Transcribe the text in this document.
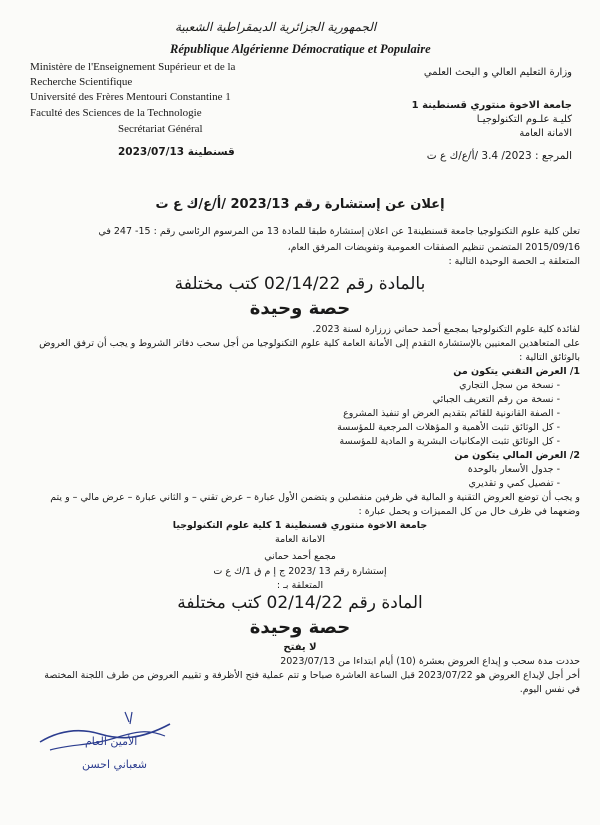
الجمهورية الجزائرية الديمقراطية الشعبية
République Algérienne Démocratique et Populaire
Ministère de l'Enseignement Supérieur et de la
Recherche Scientifique
Université des Frères Mentouri Constantine 1
Faculté des Sciences de la Technologie
Secrétariat Général
وزارة التعليم العالي و البحث العلمي
جامعة الاخوة منتوري قسنطينة 1
كليـة علـوم التكنولوجيـا
الامانة العامة
قسنطينة 2023/07/13	المرجع : 2023/ 3.4 /أ/ع/ك ع ت
إعلان عن إستشارة رقم 2023/13 /أ/ع/ك ع ت
تعلن كلية علوم التكنولوجيا جامعة قسنطينة1 عن اعلان إستشارة طبقا للمادة 13 من المرسوم الرئاسي رقم : 15- 247 في
2015/09/16 المتضمن تنظيم الصفقات العمومية وتفويضات المرفق العام،
المتعلقة بـ الحصة الوحيدة التالية :
بالمادة رقم 02/14/22 كتب مختلفة
حصة وحيدة
لفائدة كلية علوم التكنولوجيا بمجمع أحمد حماني زرزارة لسنة 2023.
على المتعاهدين المعنيين بالإستشارة التقدم إلى الأمانة العامة كلية علوم التكنولوجيا من أجل سحب دفاتر الشروط و يجب أن ترفق العروض
بالوثائق التالية :
1/ العرض التقني يتكون من
- نسخة من سجل التجاري
- نسخة من رقم التعريف الجبائي
- الصفة القانونية للقائم بتقديم العرض او تنفيذ المشروع
- كل الوثائق تثبت الأهمية و المؤهلات المرجعية للمؤسسة
- كل الوثائق تثبت الإمكانيات البشرية و المادية للمؤسسة
2/ العرض المالي يتكون من
- جدول الأسعار بالوحدة
- تفصيل كمي و تقديري
و يجب أن توضع العروض التقنية و المالية في ظرفين منفصلين و يتضمن الأول عبارة – عرض تقني – و الثاني عبارة – عرض مالي – و يتم
وضعهما في ظرف خال من كل المميزات و يحمل عبارة :
جامعة الاخوة منتوري قسنطينة 1 كلية علوم التكنولوجيا
الامانة العامة
مجمع أحمد حماني
إستشارة رقم 13 /2023 ج إ م ق 1/ك ع ت
المتعلقة بـ :
المادة رقم 02/14/22 كتب مختلفة
حصة وحيدة
لا يفتح
حددت مدة سحب و إيداع العروض بعشرة (10) أيام ابتداءا من 2023/07/13
أخر أجل لإيداع العروض هو 2023/07/22 قبل الساعة العاشرة صباحا و تتم عملية فتح الأظرفة و تقييم العروض من طرف اللجنة المختصة
في نفس اليوم.
الأمين العام
شعباني احسن
